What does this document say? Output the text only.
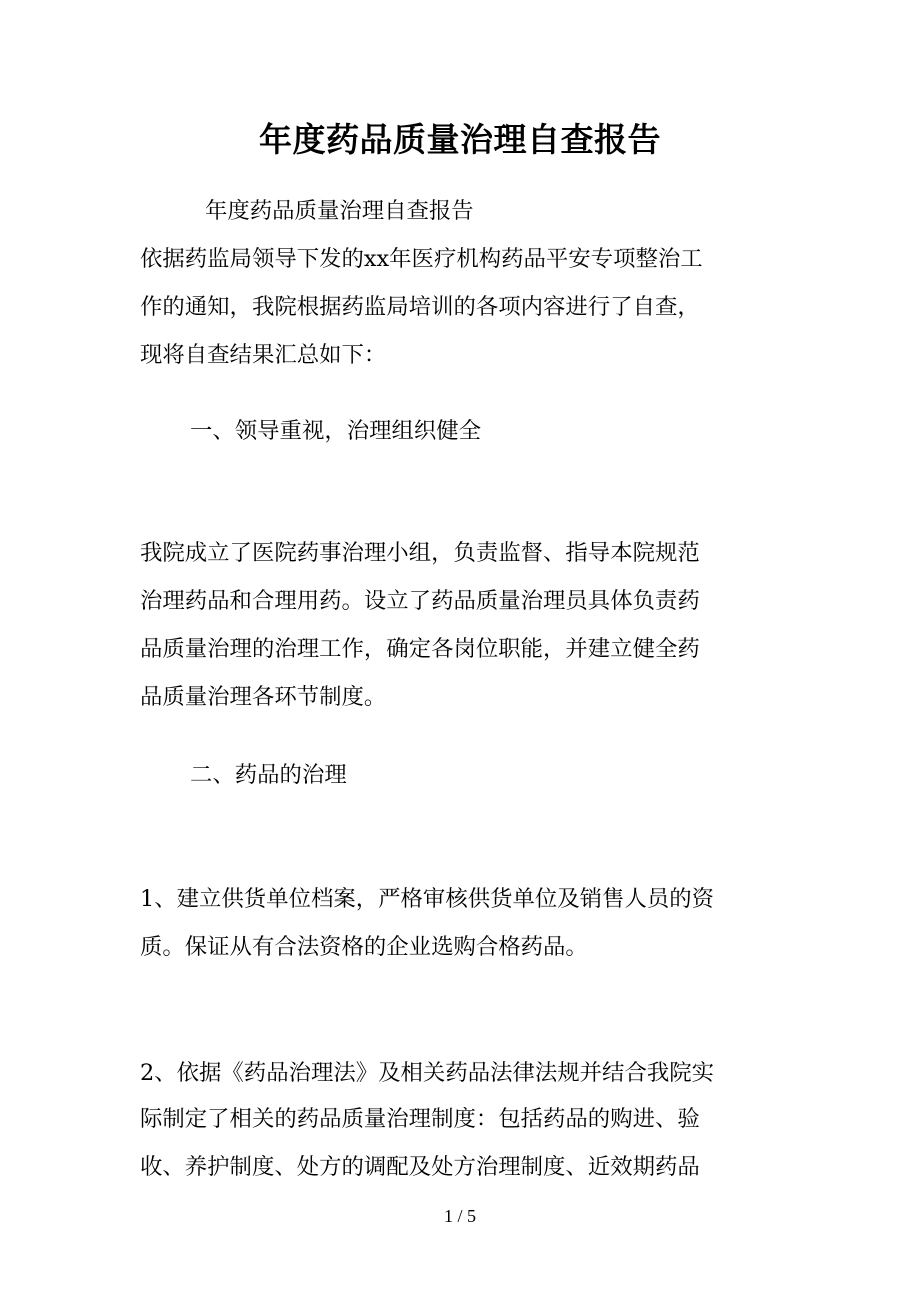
年度药品质量治理自查报告

年度药品质量治理自查报告

依据药监局领导下发的xx年医疗机构药品平安专项整治工

作的通知，我院根据药监局培训的各项内容进行了自查，

现将自查结果汇总如下：

一、领导重视，治理组织健全

我院成立了医院药事治理小组，负责监督、指导本院规范

治理药品和合理用药。设立了药品质量治理员具体负责药

品质量治理的治理工作，确定各岗位职能，并建立健全药

品质量治理各环节制度。

二、药品的治理

1、建立供货单位档案，严格审核供货单位及销售人员的资

质。保证从有合法资格的企业选购合格药品。

2、依据《药品治理法》及相关药品法律法规并结合我院实

际制定了相关的药品质量治理制度：包括药品的购进、验

收、养护制度、处方的调配及处方治理制度、近效期药品

1 / 5
